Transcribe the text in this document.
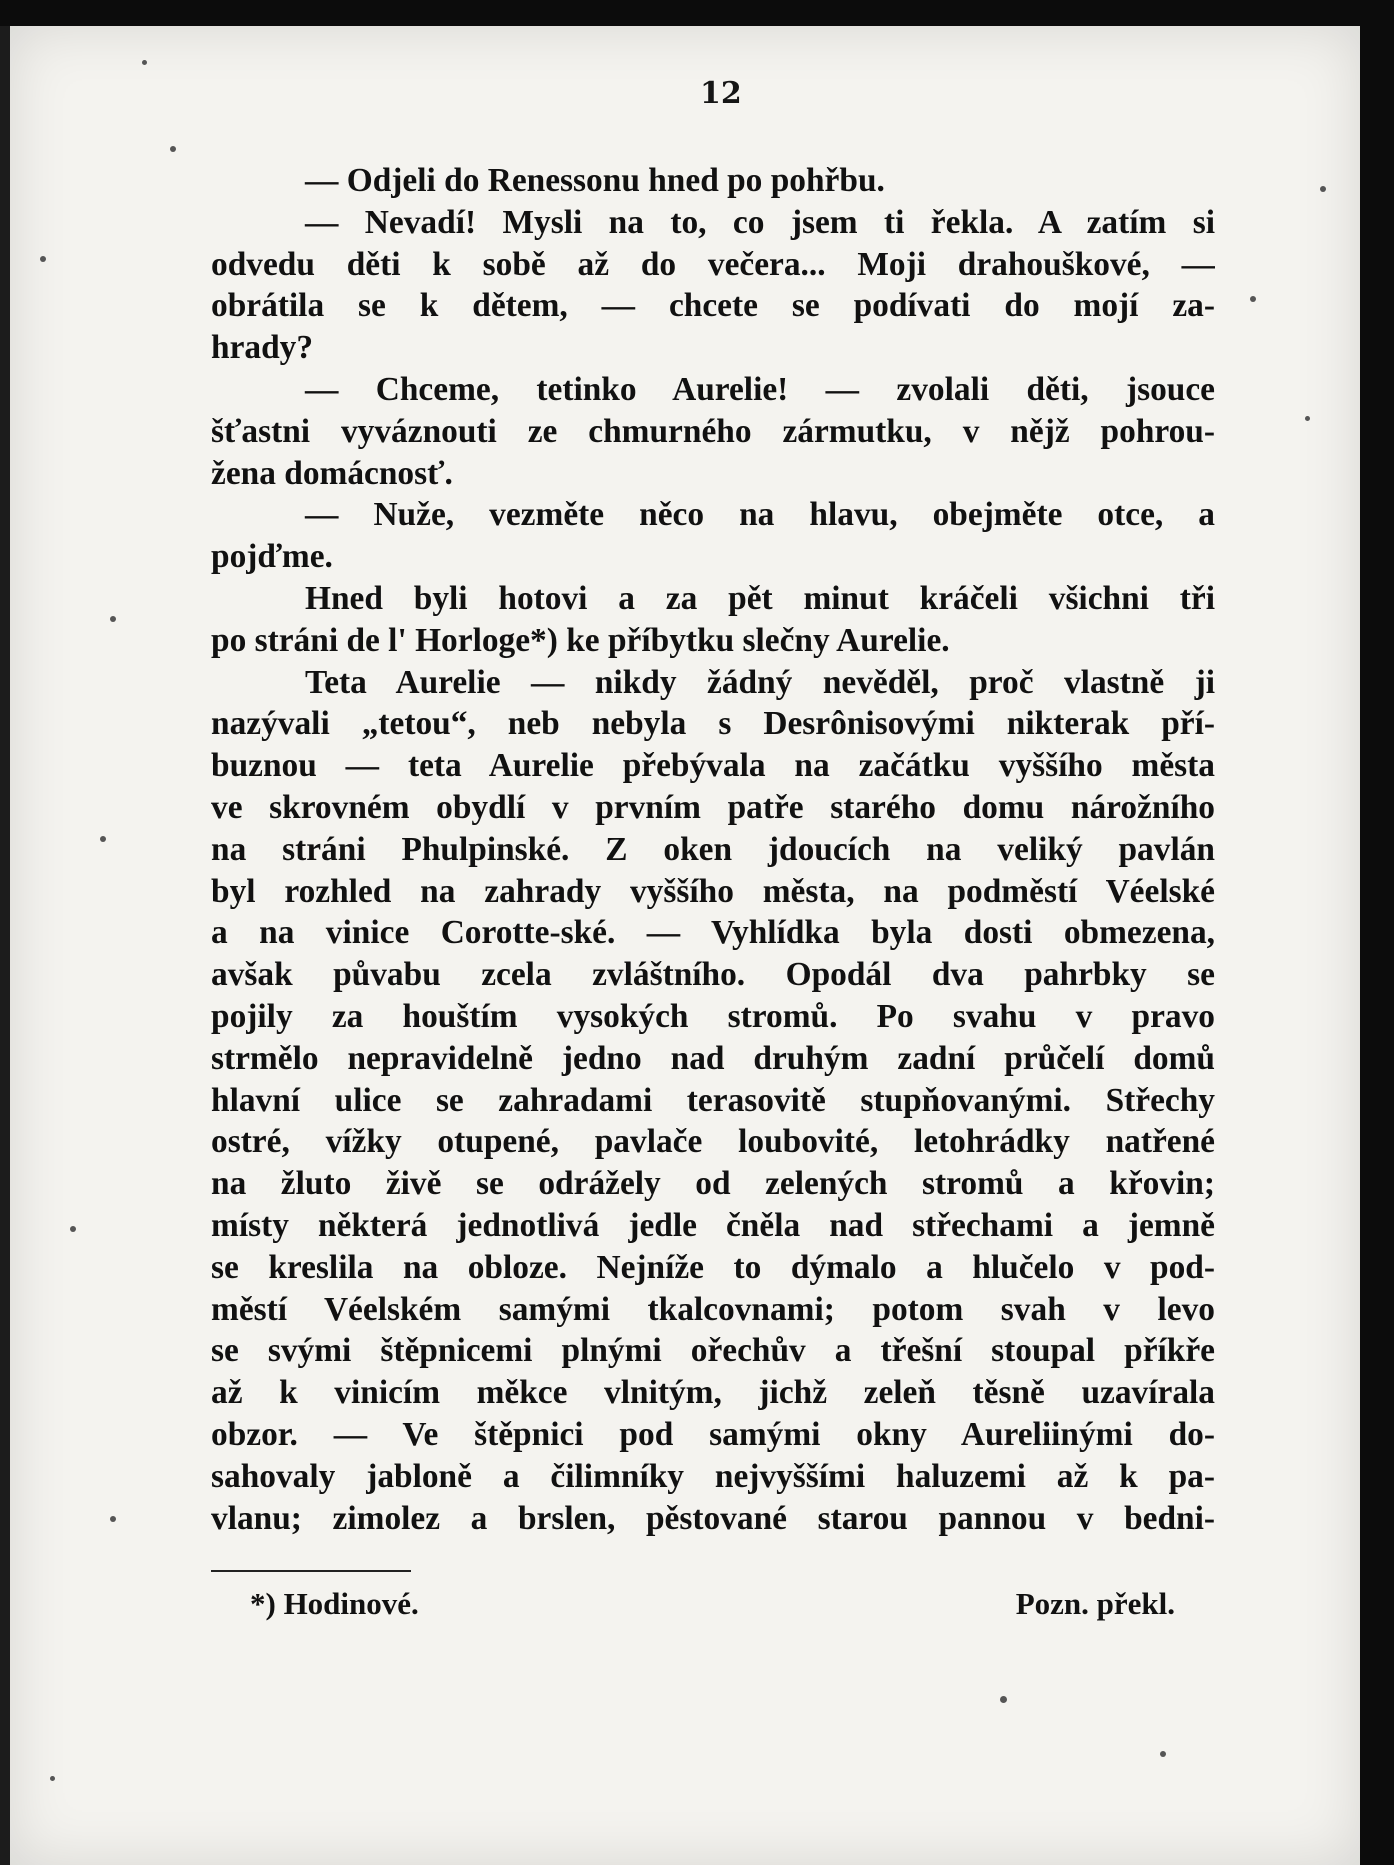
12
— Odjeli do Renessonu hned po pohřbu.
— Nevadí! Mysli na to, co jsem ti řekla. A zatím si
odvedu děti k sobě až do večera... Moji drahouškové, —
obrátila se k dětem, — chcete se podívati do mojí za-
hrady?
— Chceme, tetinko Aurelie! — zvolali děti, jsouce
šťastni vyváznouti ze chmurného zármutku, v nějž pohrou-
žena domácnosť.
— Nuže, vezměte něco na hlavu, obejměte otce, a
pojďme.
Hned byli hotovi a za pět minut kráčeli všichni tři
po stráni de l' Horloge*) ke příbytku slečny Aurelie.
Teta Aurelie — nikdy žádný nevěděl, proč vlastně ji
nazývali „tetou“, neb nebyla s Desrônisovými nikterak pří-
buznou — teta Aurelie přebývala na začátku vyššího města
ve skrovném obydlí v prvním patře starého domu nárožního
na stráni Phulpinské. Z oken jdoucích na veliký pavlán
byl rozhled na zahrady vyššího města, na podměstí Véelské
a na vinice Corotte-ské. — Vyhlídka byla dosti obmezena,
avšak půvabu zcela zvláštního. Opodál dva pahrbky se
pojily za houštím vysokých stromů. Po svahu v pravo
strmělo nepravidelně jedno nad druhým zadní průčelí domů
hlavní ulice se zahradami terasovitě stupňovanými. Střechy
ostré, vížky otupené, pavlače loubovité, letohrádky natřené
na žluto živě se odrážely od zelených stromů a křovin;
místy některá jednotlivá jedle čněla nad střechami a jemně
se kreslila na obloze. Nejníže to dýmalo a hlučelo v pod-
městí Véelském samými tkalcovnami; potom svah v levo
se svými štěpnicemi plnými ořechův a třešní stoupal příkře
až k vinicím měkce vlnitým, jichž zeleň těsně uzavírala
obzor. — Ve štěpnici pod samými okny Aureliinými do-
sahovaly jabloně a čilimníky nejvyššími haluzemi až k pa-
vlanu; zimolez a brslen, pěstované starou pannou v bedni-
*) Hodinové.	Pozn. překl.
